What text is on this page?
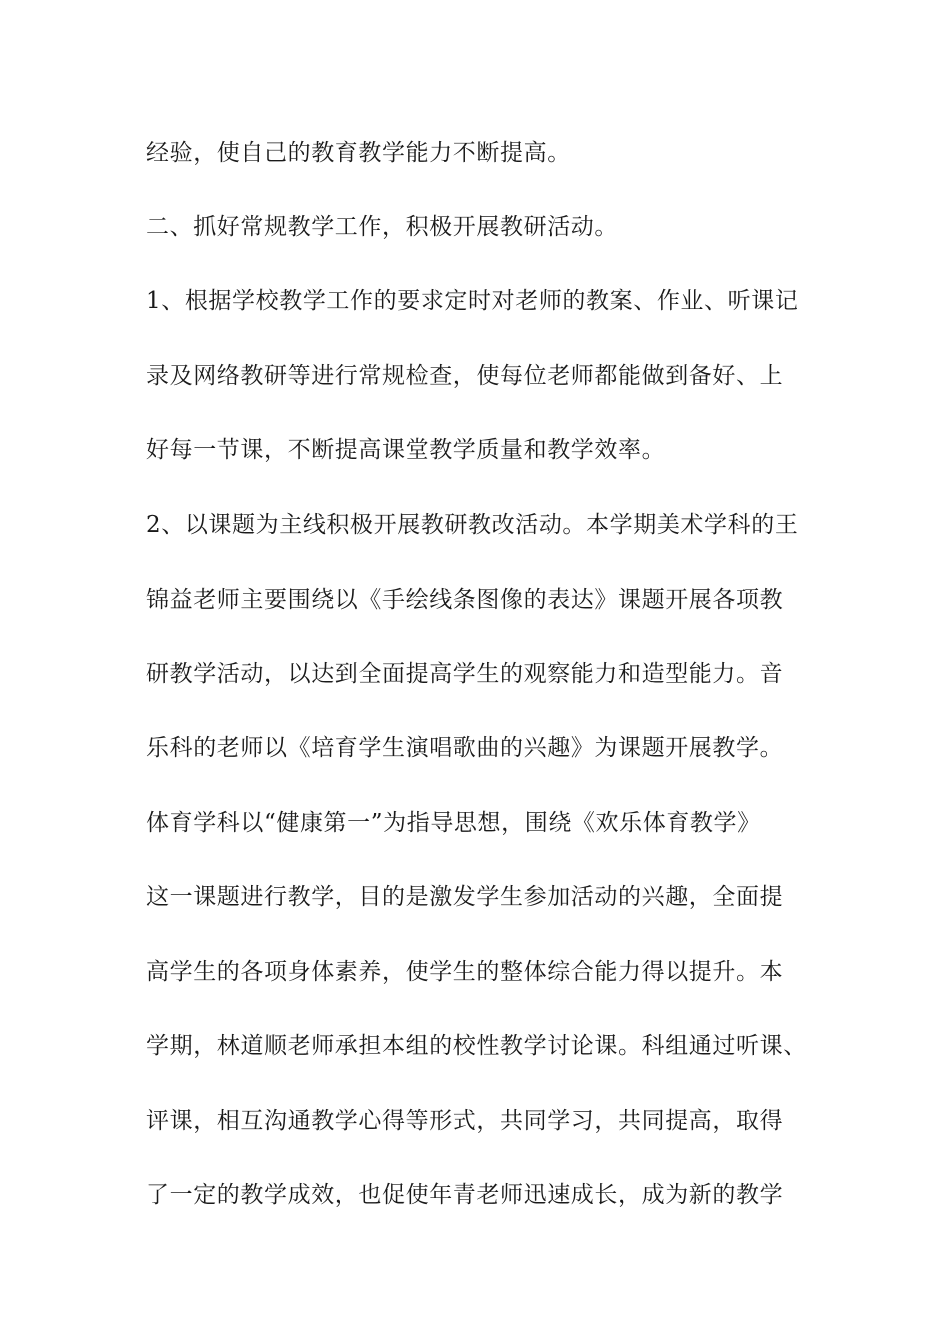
经验，使自己的教育教学能力不断提高。
二、抓好常规教学工作，积极开展教研活动。
1、根据学校教学工作的要求定时对老师的教案、作业、听课记
录及网络教研等进行常规检查，使每位老师都能做到备好、上
好每一节课，不断提高课堂教学质量和教学效率。
2、以课题为主线积极开展教研教改活动。本学期美术学科的王
锦益老师主要围绕以《手绘线条图像的表达》课题开展各项教
研教学活动，以达到全面提高学生的观察能力和造型能力。音
乐科的老师以《培育学生演唱歌曲的兴趣》为课题开展教学。
体育学科以“健康第一”为指导思想，围绕《欢乐体育教学》
这一课题进行教学，目的是激发学生参加活动的兴趣，全面提
高学生的各项身体素养，使学生的整体综合能力得以提升。本
学期，林道顺老师承担本组的校性教学讨论课。科组通过听课、
评课，相互沟通教学心得等形式，共同学习，共同提高，取得
了一定的教学成效，也促使年青老师迅速成长，成为新的教学
